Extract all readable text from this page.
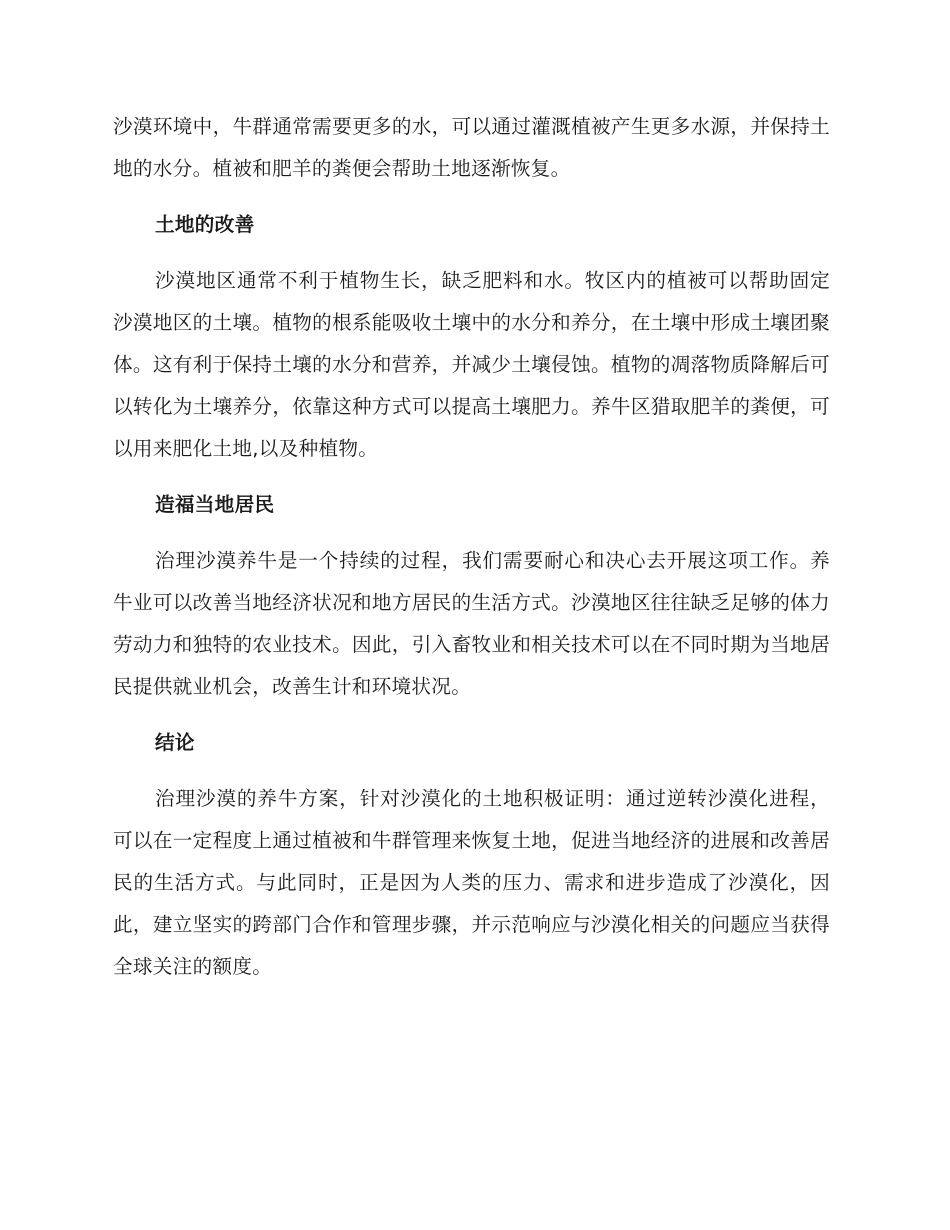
沙漠环境中，牛群通常需要更多的水，可以通过灌溉植被产生更多水源，并保持土地的水分。植被和肥羊的粪便会帮助土地逐渐恢复。

土地的改善

沙漠地区通常不利于植物生长，缺乏肥料和水。牧区内的植被可以帮助固定沙漠地区的土壤。植物的根系能吸收土壤中的水分和养分，在土壤中形成土壤团聚体。这有利于保持土壤的水分和营养，并减少土壤侵蚀。植物的凋落物质降解后可以转化为土壤养分，依靠这种方式可以提高土壤肥力。养牛区猎取肥羊的粪便，可以用来肥化土地,以及种植物。

造福当地居民

治理沙漠养牛是一个持续的过程，我们需要耐心和决心去开展这项工作。养牛业可以改善当地经济状况和地方居民的生活方式。沙漠地区往往缺乏足够的体力劳动力和独特的农业技术。因此，引入畜牧业和相关技术可以在不同时期为当地居民提供就业机会，改善生计和环境状况。

结论

治理沙漠的养牛方案，针对沙漠化的土地积极证明：通过逆转沙漠化进程，可以在一定程度上通过植被和牛群管理来恢复土地，促进当地经济的进展和改善居民的生活方式。与此同时，正是因为人类的压力、需求和进步造成了沙漠化，因此，建立坚实的跨部门合作和管理步骤，并示范响应与沙漠化相关的问题应当获得全球关注的额度。
